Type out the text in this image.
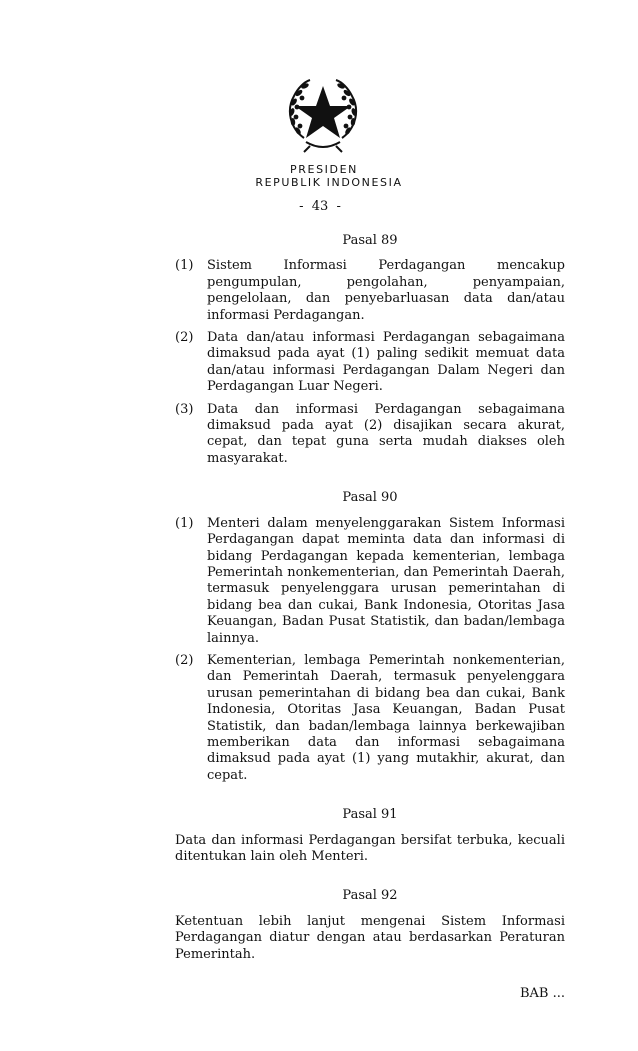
PRESIDEN
REPUBLIK INDONESIA
-  43  -
Pasal 89
(1)	Sistem Informasi Perdagangan mencakup pengumpulan, pengolahan, penyampaian, pengelolaan, dan penyebarluasan data dan/atau informasi Perdagangan.
(2)	Data dan/atau informasi Perdagangan sebagaimana dimaksud pada ayat (1) paling sedikit memuat data dan/atau informasi Perdagangan Dalam Negeri dan Perdagangan Luar Negeri.
(3)	Data dan informasi Perdagangan sebagaimana dimaksud pada ayat (2) disajikan secara akurat, cepat, dan tepat guna serta mudah diakses oleh masyarakat.
Pasal 90
(1)	Menteri dalam menyelenggarakan Sistem Informasi Perdagangan dapat meminta data dan informasi di bidang Perdagangan kepada kementerian, lembaga Pemerintah nonkementerian, dan Pemerintah Daerah, termasuk penyelenggara urusan pemerintahan di bidang bea dan cukai, Bank Indonesia, Otoritas Jasa Keuangan, Badan Pusat Statistik, dan badan/lembaga lainnya.
(2)	Kementerian, lembaga Pemerintah nonkementerian, dan Pemerintah Daerah, termasuk penyelenggara urusan pemerintahan di bidang bea dan cukai, Bank Indonesia, Otoritas Jasa Keuangan, Badan Pusat Statistik, dan badan/lembaga lainnya berkewajiban memberikan data dan informasi sebagaimana dimaksud pada ayat (1) yang mutakhir, akurat, dan cepat.
Pasal 91

Data dan informasi Perdagangan bersifat terbuka, kecuali ditentukan lain oleh Menteri.

Pasal 92

Ketentuan lebih lanjut mengenai Sistem Informasi Perdagangan diatur dengan atau berdasarkan Peraturan Pemerintah.

BAB ...
